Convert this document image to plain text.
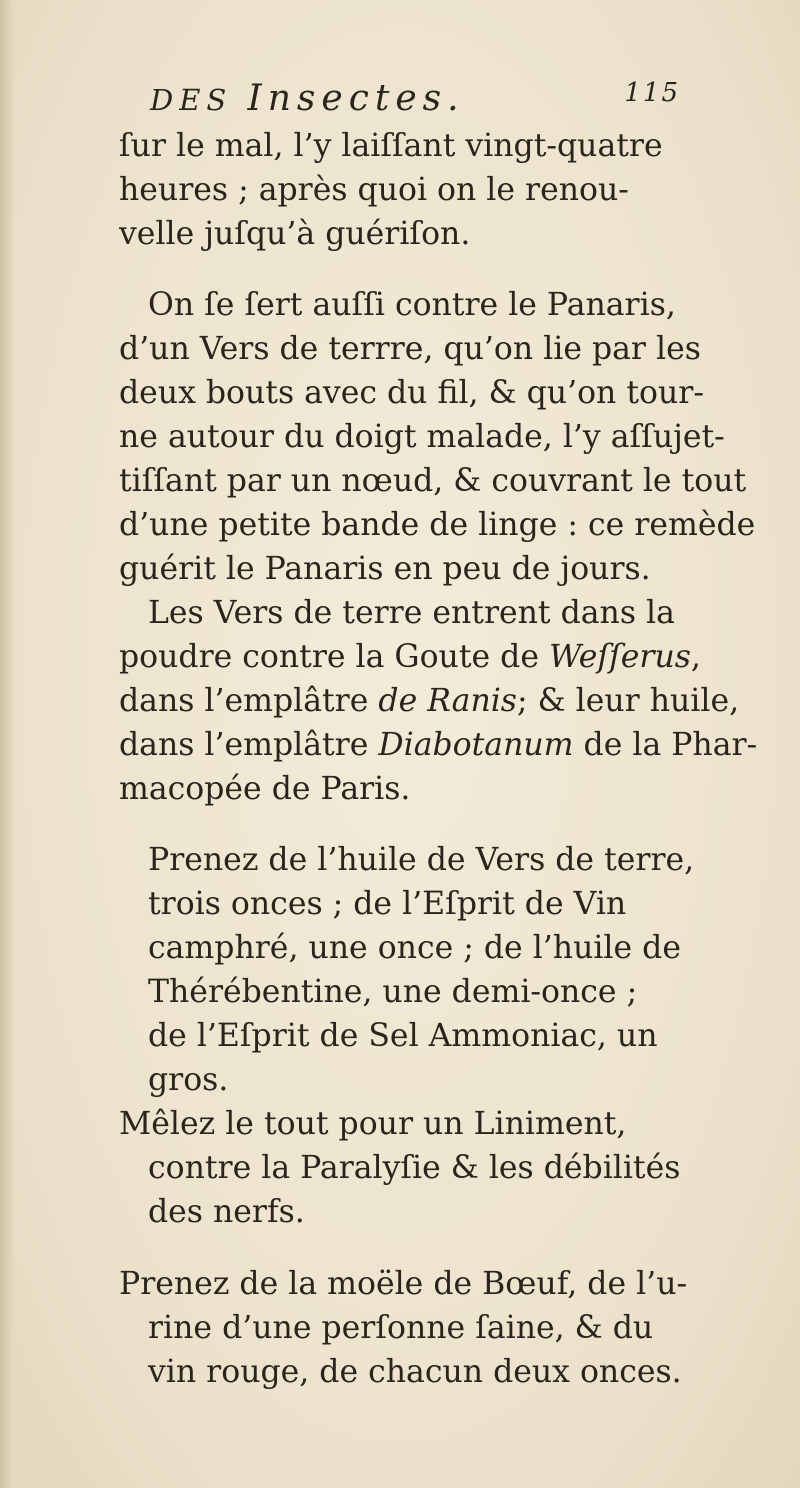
DES Insectes.	115
ſur le mal, l’y laiſſant vingt-quatre
heures ; après quoi on le renou-
velle juſqu’à guériſon.
On ſe ſert auſſi contre le Panaris,
d’un Vers de terrre, qu’on lie par les
deux bouts avec du fil, & qu’on tour-
ne autour du doigt malade, l’y aſſujet-
tiſſant par un nœud, & couvrant le tout
d’une petite bande de linge : ce remède
guérit le Panaris en peu de jours.
Les Vers de terre entrent dans la
poudre contre la Goute de Weſſerus,
dans l’emplâtre de Ranis; & leur huile,
dans l’emplâtre Diabotanum de la Phar-
macopée de Paris.
Prenez de l’huile de Vers de terre,
trois onces ; de l’Eſprit de Vin
camphré, une once ; de l’huile de
Thérébentine, une demi-once ;
de l’Eſprit de Sel Ammoniac, un
gros.
Mêlez le tout pour un Liniment,
contre la Paralyſie & les débilités
des nerfs.
Prenez de la moële de Bœuf, de l’u-
rine d’une perſonne ſaine, & du
vin rouge, de chacun deux onces.
